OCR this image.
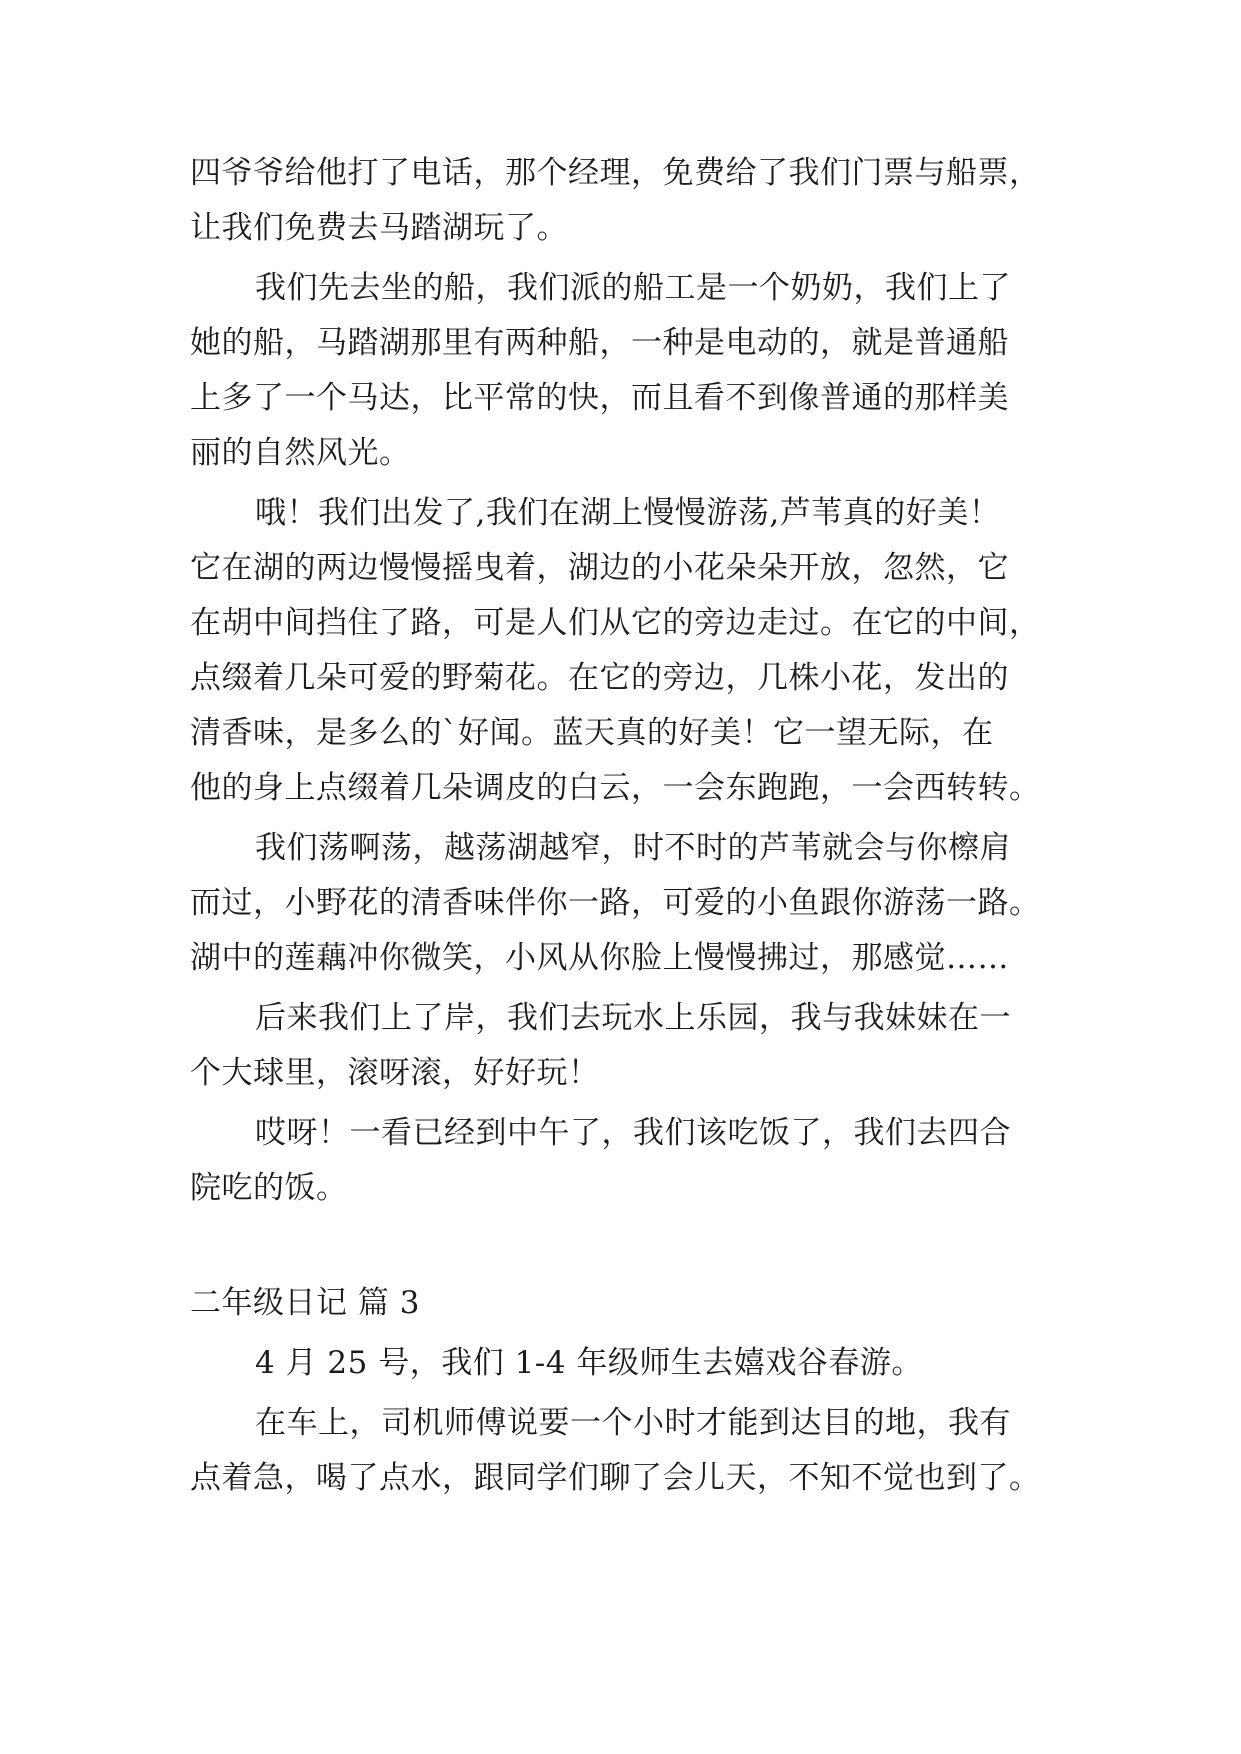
四爷爷给他打了电话，那个经理，免费给了我们门票与船票，
让我们免费去马踏湖玩了。
我们先去坐的船，我们派的船工是一个奶奶，我们上了
她的船，马踏湖那里有两种船，一种是电动的，就是普通船
上多了一个马达，比平常的快，而且看不到像普通的那样美
丽的自然风光。
哦！我们出发了,我们在湖上慢慢游荡,芦苇真的好美！
它在湖的两边慢慢摇曳着，湖边的小花朵朵开放，忽然，它
在胡中间挡住了路，可是人们从它的旁边走过。在它的中间，
点缀着几朵可爱的野菊花。在它的旁边，几株小花，发出的
清香味，是多么的`好闻。蓝天真的好美！它一望无际，在
他的身上点缀着几朵调皮的白云，一会东跑跑，一会西转转。
我们荡啊荡，越荡湖越窄，时不时的芦苇就会与你檫肩
而过，小野花的清香味伴你一路，可爱的小鱼跟你游荡一路。
湖中的莲藕冲你微笑，小风从你脸上慢慢拂过，那感觉……
后来我们上了岸，我们去玩水上乐园，我与我妹妹在一
个大球里，滚呀滚，好好玩！
哎呀！一看已经到中午了，我们该吃饭了，我们去四合
院吃的饭。
二年级日记 篇 3
4 月 25 号，我们 1-4 年级师生去嬉戏谷春游。
在车上，司机师傅说要一个小时才能到达目的地，我有
点着急，喝了点水，跟同学们聊了会儿天，不知不觉也到了。
